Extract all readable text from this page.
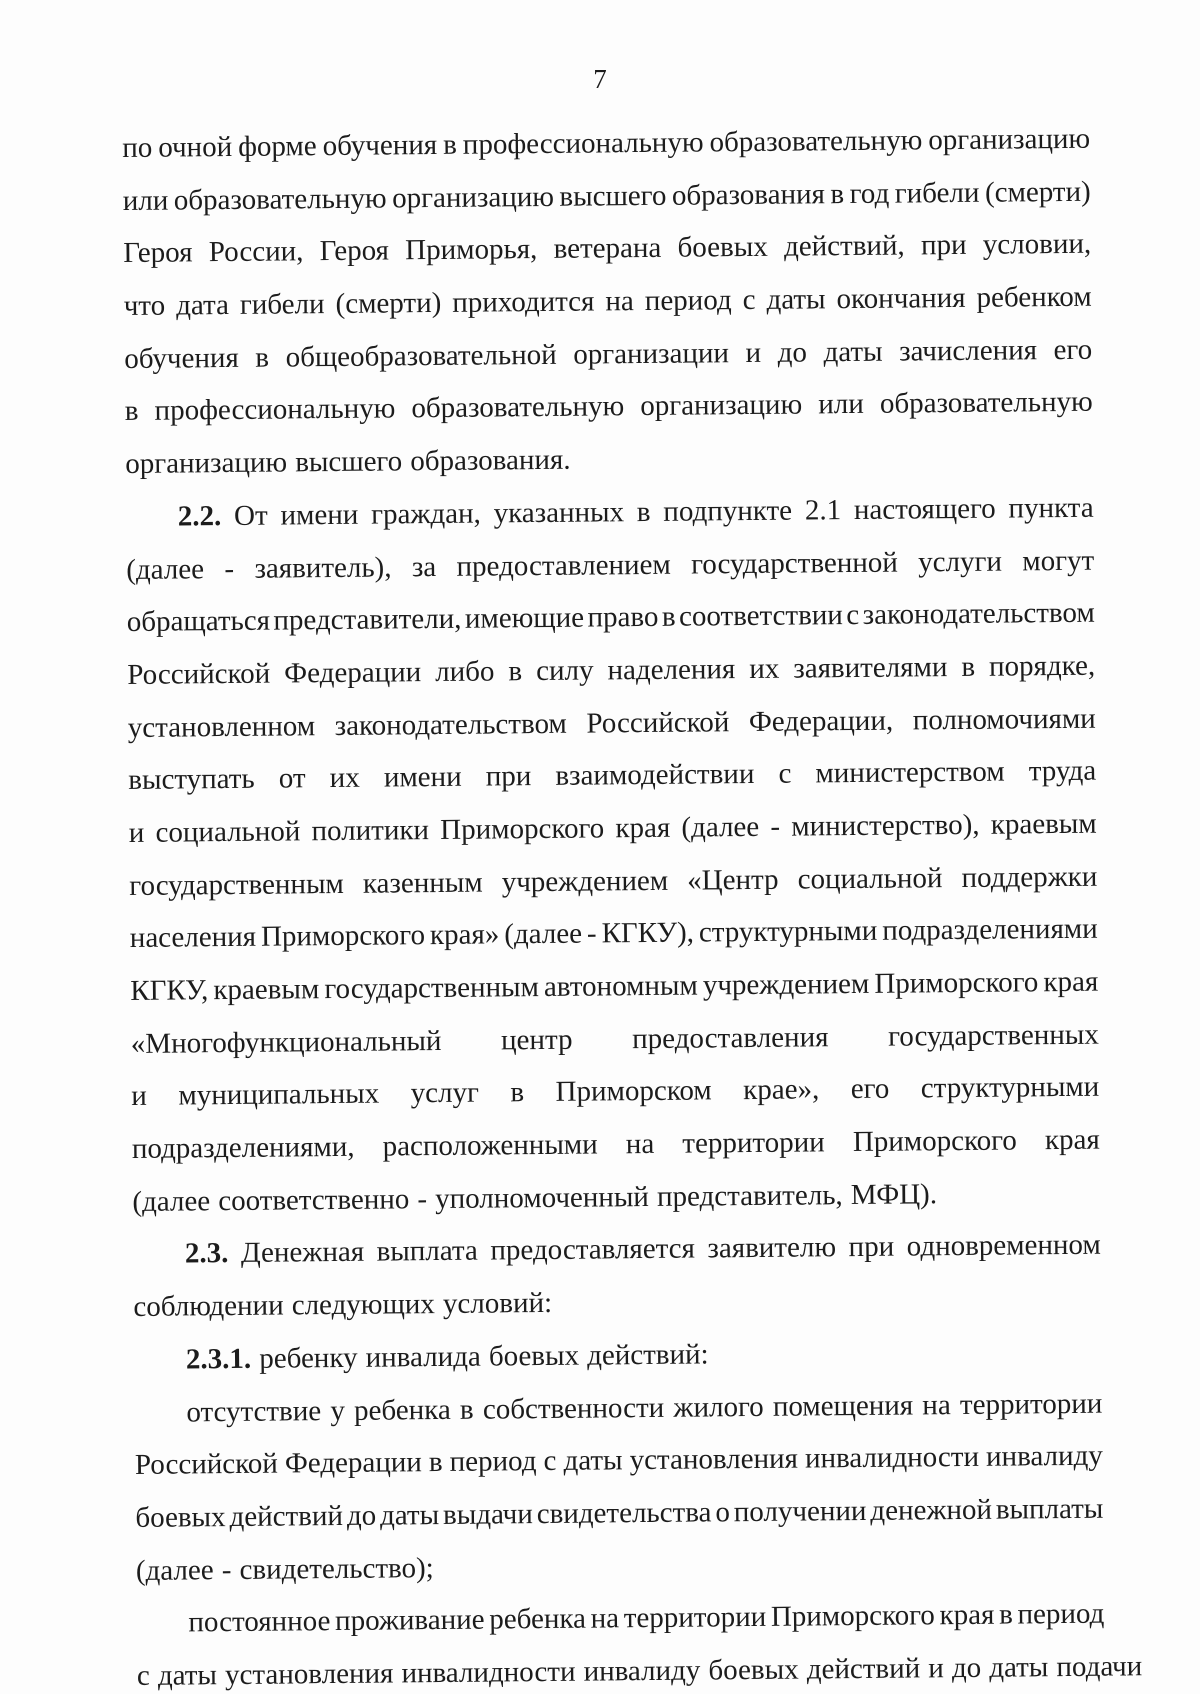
7
по очной форме обучения в профессиональную образовательную организацию
или образовательную организацию высшего образования в год гибели (смерти)
Героя России, Героя Приморья, ветерана боевых действий, при условии,
что дата гибели (смерти) приходится на период с даты окончания ребенком
обучения в общеобразовательной организации и до даты зачисления его
в профессиональную образовательную организацию или образовательную
организацию высшего образования.
2.2. От имени граждан, указанных в подпункте 2.1 настоящего пункта
(далее - заявитель), за предоставлением государственной услуги могут
обращаться представители, имеющие право в соответствии с законодательством
Российской Федерации либо в силу наделения их заявителями в порядке,
установленном законодательством Российской Федерации, полномочиями
выступать от их имени при взаимодействии с министерством труда
и социальной политики Приморского края (далее - министерство), краевым
государственным казенным учреждением «Центр социальной поддержки
населения Приморского края» (далее - КГКУ), структурными подразделениями
КГКУ, краевым государственным автономным учреждением Приморского края
«Многофункциональный центр предоставления государственных
и муниципальных услуг в Приморском крае», его структурными
подразделениями, расположенными на территории Приморского края
(далее соответственно - уполномоченный представитель, МФЦ).
2.3. Денежная выплата предоставляется заявителю при одновременном
соблюдении следующих условий:
2.3.1. ребенку инвалида боевых действий:
отсутствие у ребенка в собственности жилого помещения на территории
Российской Федерации в период с даты установления инвалидности инвалиду
боевых действий до даты выдачи свидетельства о получении денежной выплаты
(далее - свидетельство);
постоянное проживание ребенка на территории Приморского края в период
с даты установления инвалидности инвалиду боевых действий и до даты подачи
